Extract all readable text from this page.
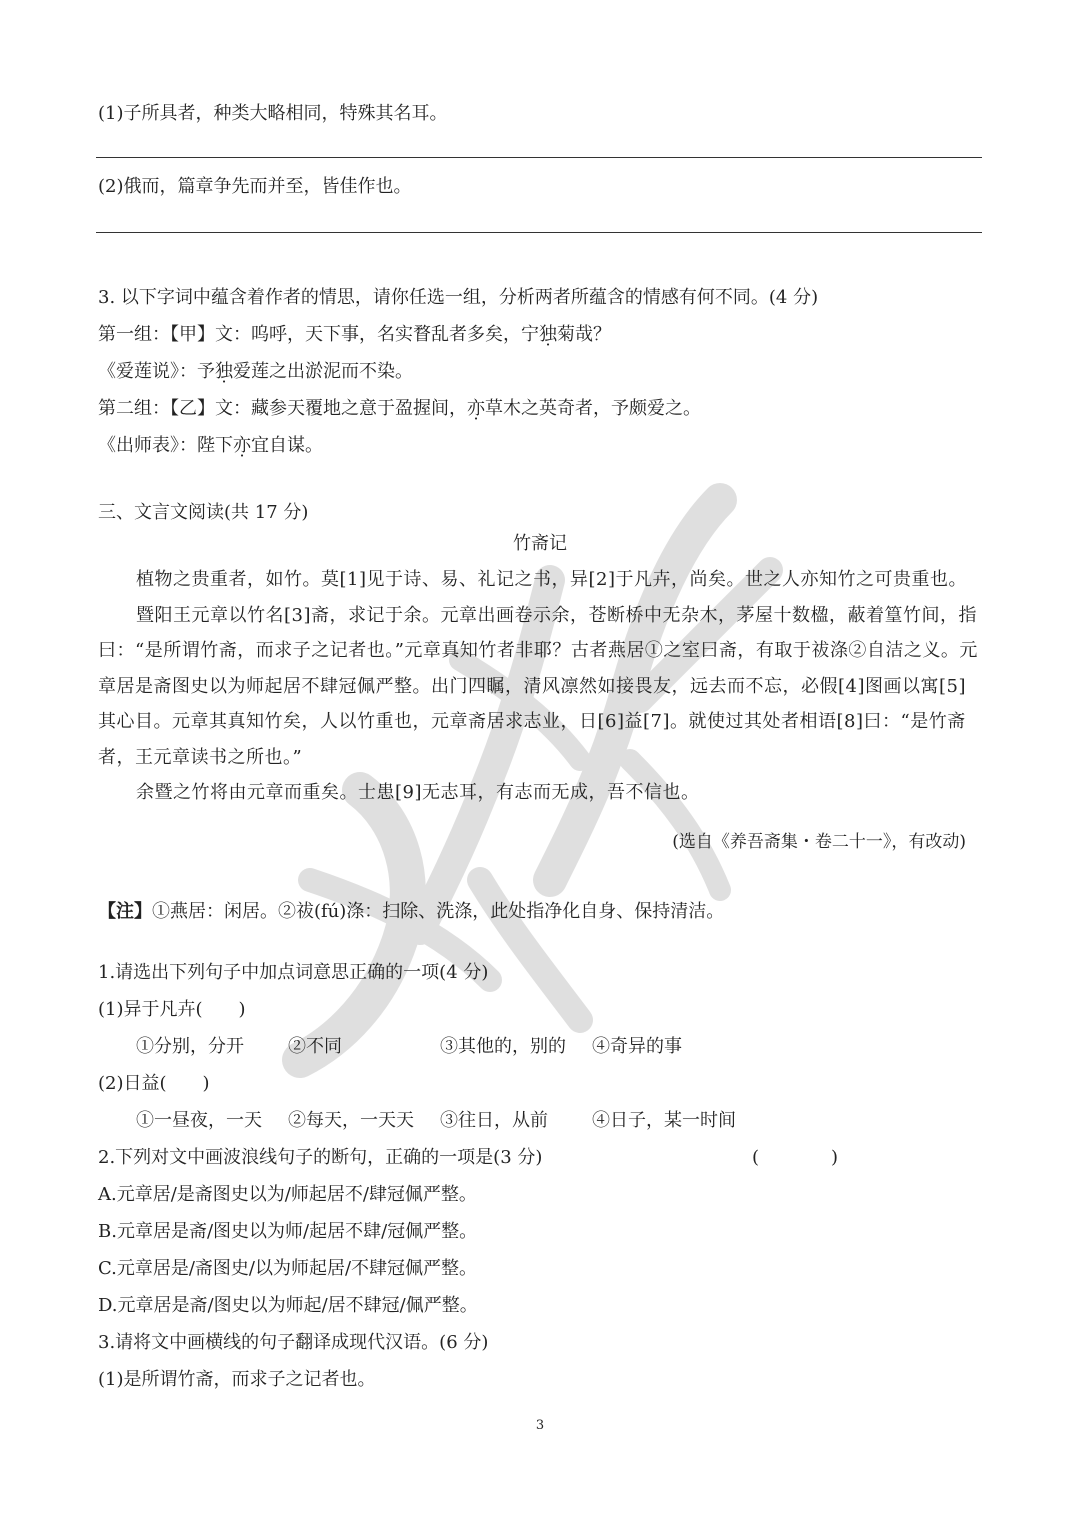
(1)子所具者，种类大略相同，特殊其名耳。
(2)俄而，篇章争先而并至，皆佳作也。
3. 以下字词中蕴含着作者的情思，请你任选一组，分析两者所蕴含的情感有何不同。(4 分)
第一组：【甲】文：呜呼，天下事，名实瞀乱者多矣，宁独菊哉？
《爱莲说》：予独爱莲之出淤泥而不染。
第二组：【乙】文：藏参天覆地之意于盈握间，亦草木之英奇者，予颇爱之。
《出师表》：陛下亦宜自谋。
三、文言文阅读(共 17 分)
竹斋记

植物之贵重者，如竹。莫[1]见于诗、易、礼记之书，异[2]于凡卉，尚矣。世之人亦知竹之可贵重也。

暨阳王元章以竹名[3]斋，求记于余。元章出画卷示余，苍断桥中无杂木，茅屋十数楹，蔽着篁竹间，指曰：“是所谓竹斋，而求子之记者也。”元章真知竹者非耶？古者燕居①之室曰斋，有取于祓涤②自洁之义。元章居是斋图史以为师起居不肆冠佩严整。出门四瞩，清风凛然如接畏友，远去而不忘，必假[4]图画以寓[5]其心目。元章其真知竹矣，人以竹重也，元章斋居求志业，日[6]益[7]。就使过其处者相语[8]曰：“是竹斋者，王元章读书之所也。”

余暨之竹将由元章而重矣。士患[9]无志耳，有志而无成，吾不信也。

(选自《养吾斋集・卷二十一》，有改动)
【注】①燕居：闲居。②祓(fú)涤：扫除、洗涤，此处指净化自身、保持清洁。
1.请选出下列句子中加点词意思正确的一项(4 分)
(1)异于凡卉(　　)
①分别，分开 ②不同	③其他的，别的 ④奇异的事
(2)日益(　　)
①一昼夜，一天 ②每天，一天天 ③往日，从前 ④日子，某一时间
2.下列对文中画波浪线句子的断句，正确的一项是(3 分)	(　　　　)
A.元章居/是斋图史以为/师起居不/肆冠佩严整。
B.元章居是斋/图史以为师/起居不肆/冠佩严整。
C.元章居是/斋图史/以为师起居/不肆冠佩严整。
D.元章居是斋/图史以为师起/居不肆冠/佩严整。
3.请将文中画横线的句子翻译成现代汉语。(6 分)
(1)是所谓竹斋，而求子之记者也。
3
